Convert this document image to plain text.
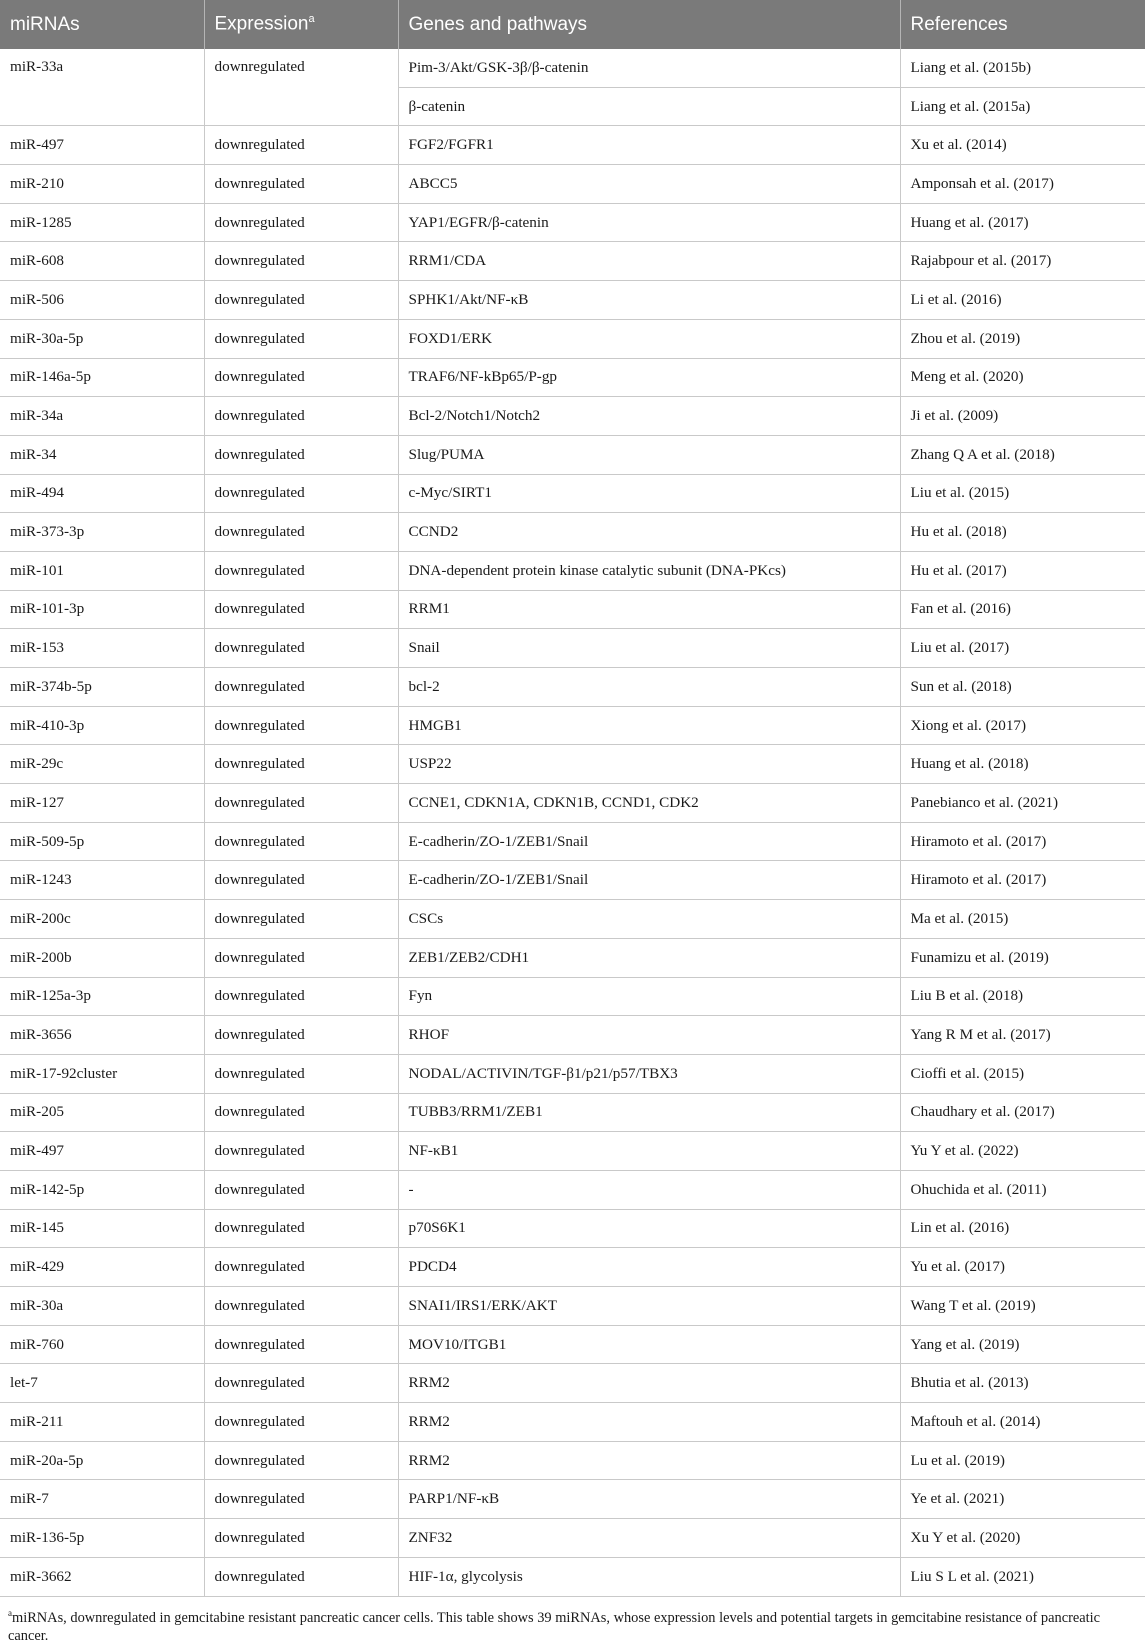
miRNAs	Expression$^a$	Genes and pathways	References
miR-33a	downregulated	Pim-3/Akt/GSK-3β/β-catenin	Liang et al. (2015b)
		β-catenin	Liang et al. (2015a)
miR-497	downregulated	FGF2/FGFR1	Xu et al. (2014)
miR-210	downregulated	ABCC5	Amponsah et al. (2017)
miR-1285	downregulated	YAP1/EGFR/β-catenin	Huang et al. (2017)
miR-608	downregulated	RRM1/CDA	Rajabpour et al. (2017)
miR-506	downregulated	SPHK1/Akt/NF-κB	Li et al. (2016)
miR-30a-5p	downregulated	FOXD1/ERK	Zhou et al. (2019)
miR-146a-5p	downregulated	TRAF6/NF-kBp65/P-gp	Meng et al. (2020)
miR-34a	downregulated	Bcl-2/Notch1/Notch2	Ji et al. (2009)
miR-34	downregulated	Slug/PUMA	Zhang Q A et al. (2018)
miR-494	downregulated	c-Myc/SIRT1	Liu et al. (2015)
miR-373-3p	downregulated	CCND2	Hu et al. (2018)
miR-101	downregulated	DNA-dependent protein kinase catalytic subunit (DNA-PKcs)	Hu et al. (2017)
miR-101-3p	downregulated	RRM1	Fan et al. (2016)
miR-153	downregulated	Snail	Liu et al. (2017)
miR-374b-5p	downregulated	bcl-2	Sun et al. (2018)
miR-410-3p	downregulated	HMGB1	Xiong et al. (2017)
miR-29c	downregulated	USP22	Huang et al. (2018)
miR-127	downregulated	CCNE1, CDKN1A, CDKN1B, CCND1, CDK2	Panebianco et al. (2021)
miR-509-5p	downregulated	E-cadherin/ZO-1/ZEB1/Snail	Hiramoto et al. (2017)
miR-1243	downregulated	E-cadherin/ZO-1/ZEB1/Snail	Hiramoto et al. (2017)
miR-200c	downregulated	CSCs	Ma et al. (2015)
miR-200b	downregulated	ZEB1/ZEB2/CDH1	Funamizu et al. (2019)
miR-125a-3p	downregulated	Fyn	Liu B et al. (2018)
miR-3656	downregulated	RHOF	Yang R M et al. (2017)
miR-17-92cluster	downregulated	NODAL/ACTIVIN/TGF-β1/p21/p57/TBX3	Cioffi et al. (2015)
miR-205	downregulated	TUBB3/RRM1/ZEB1	Chaudhary et al. (2017)
miR-497	downregulated	NF-κB1	Yu Y et al. (2022)
miR-142-5p	downregulated	-	Ohuchida et al. (2011)
miR-145	downregulated	p70S6K1	Lin et al. (2016)
miR-429	downregulated	PDCD4	Yu et al. (2017)
miR-30a	downregulated	SNAI1/IRS1/ERK/AKT	Wang T et al. (2019)
miR-760	downregulated	MOV10/ITGB1	Yang et al. (2019)
let-7	downregulated	RRM2	Bhutia et al. (2013)
miR-211	downregulated	RRM2	Maftouh et al. (2014)
miR-20a-5p	downregulated	RRM2	Lu et al. (2019)
miR-7	downregulated	PARP1/NF-κB	Ye et al. (2021)
miR-136-5p	downregulated	ZNF32	Xu Y et al. (2020)
miR-3662	downregulated	HIF-1α, glycolysis	Liu S L et al. (2021)

$^a$miRNAs, downregulated in gemcitabine resistant pancreatic cancer cells. This table shows 39 miRNAs, whose expression levels and potential targets in gemcitabine resistance of pancreatic cancer.
